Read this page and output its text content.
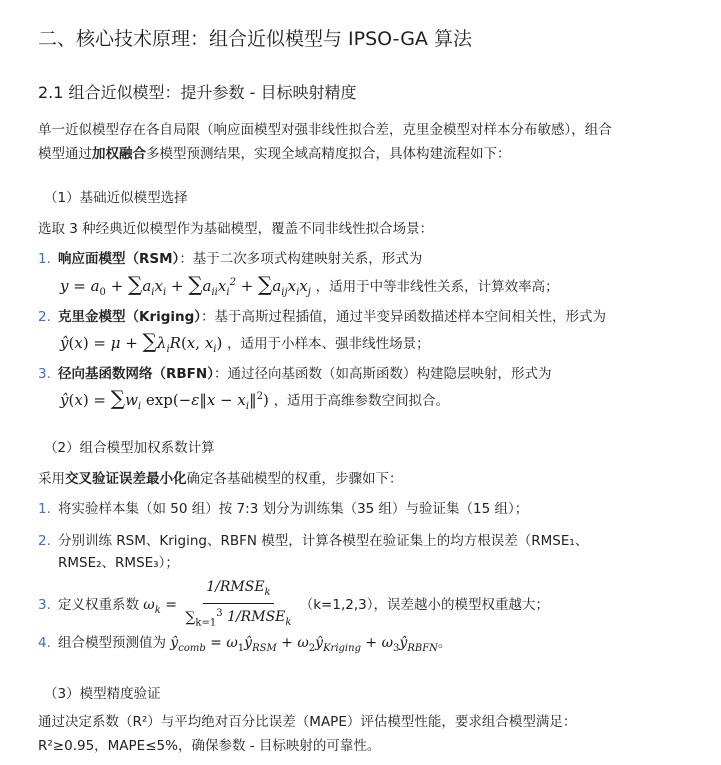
二、核心技术原理：组合近似模型与 IPSO-GA 算法
2.1 组合近似模型：提升参数 - 目标映射精度
单一近似模型存在各自局限（响应面模型对强非线性拟合差，克里金模型对样本分布敏感），组合
模型通过加权融合多模型预测结果，实现全域高精度拟合，具体构建流程如下：
（1）基础近似模型选择
选取 3 种经典近似模型作为基础模型，覆盖不同非线性拟合场景：
1. 响应面模型（RSM）：基于二次多项式构建映射关系，形式为
$y = a_0 + \sum a_ix_i + \sum a_{ii}x_i^2 + \sum a_{ij}x_ix_j$ ，适用于中等非线性关系，计算效率高；
2. 克里金模型（Kriging）：基于高斯过程插值，通过半变异函数描述样本空间相关性，形式为
ŷ(x) = $\mu + \sum\lambda_iR(x$, $x_i$) ，适用于小样本、强非线性场景；
3. 径向基函数网络（RBFN）：通过径向基函数（如高斯函数）构建隐层映射，形式为
ŷ(x) = $\sum w_i$ exp(−ε‖x − $x_i‖^2$) ，适用于高维参数空间拟合。
（2）组合模型加权系数计算
采用交叉验证误差最小化确定各基础模型的权重，步骤如下：
1. 将实验样本集（如 50 组）按 7:3 划分为训练集（35 组）与验证集（15 组）；
2. 分别训练 RSM、Kriging、RBFN 模型，计算各模型在验证集上的均方根误差（RMSE₁、
RMSE₂、RMSE₃）；
3. 定义权重系数 $\omega_k = \frac{1/RMSE_k}{\sum_{k=1}^3 1/RMSE_k} (k=1,2,3)$，误差越小的模型权重越大；
4. 组合模型预测值为 $ŷ_{comb}$ = $\omega_1ŷ_{RSM}$ + $\omega_2ŷ_{Kriging}$ + $\omega_3ŷ_{RBFN}$。
（3）模型精度验证
通过决定系数（R²）与平均绝对百分比误差（MAPE）评估模型性能，要求组合模型满足：
R²≥0.95，MAPE≤5%，确保参数 - 目标映射的可靠性。
